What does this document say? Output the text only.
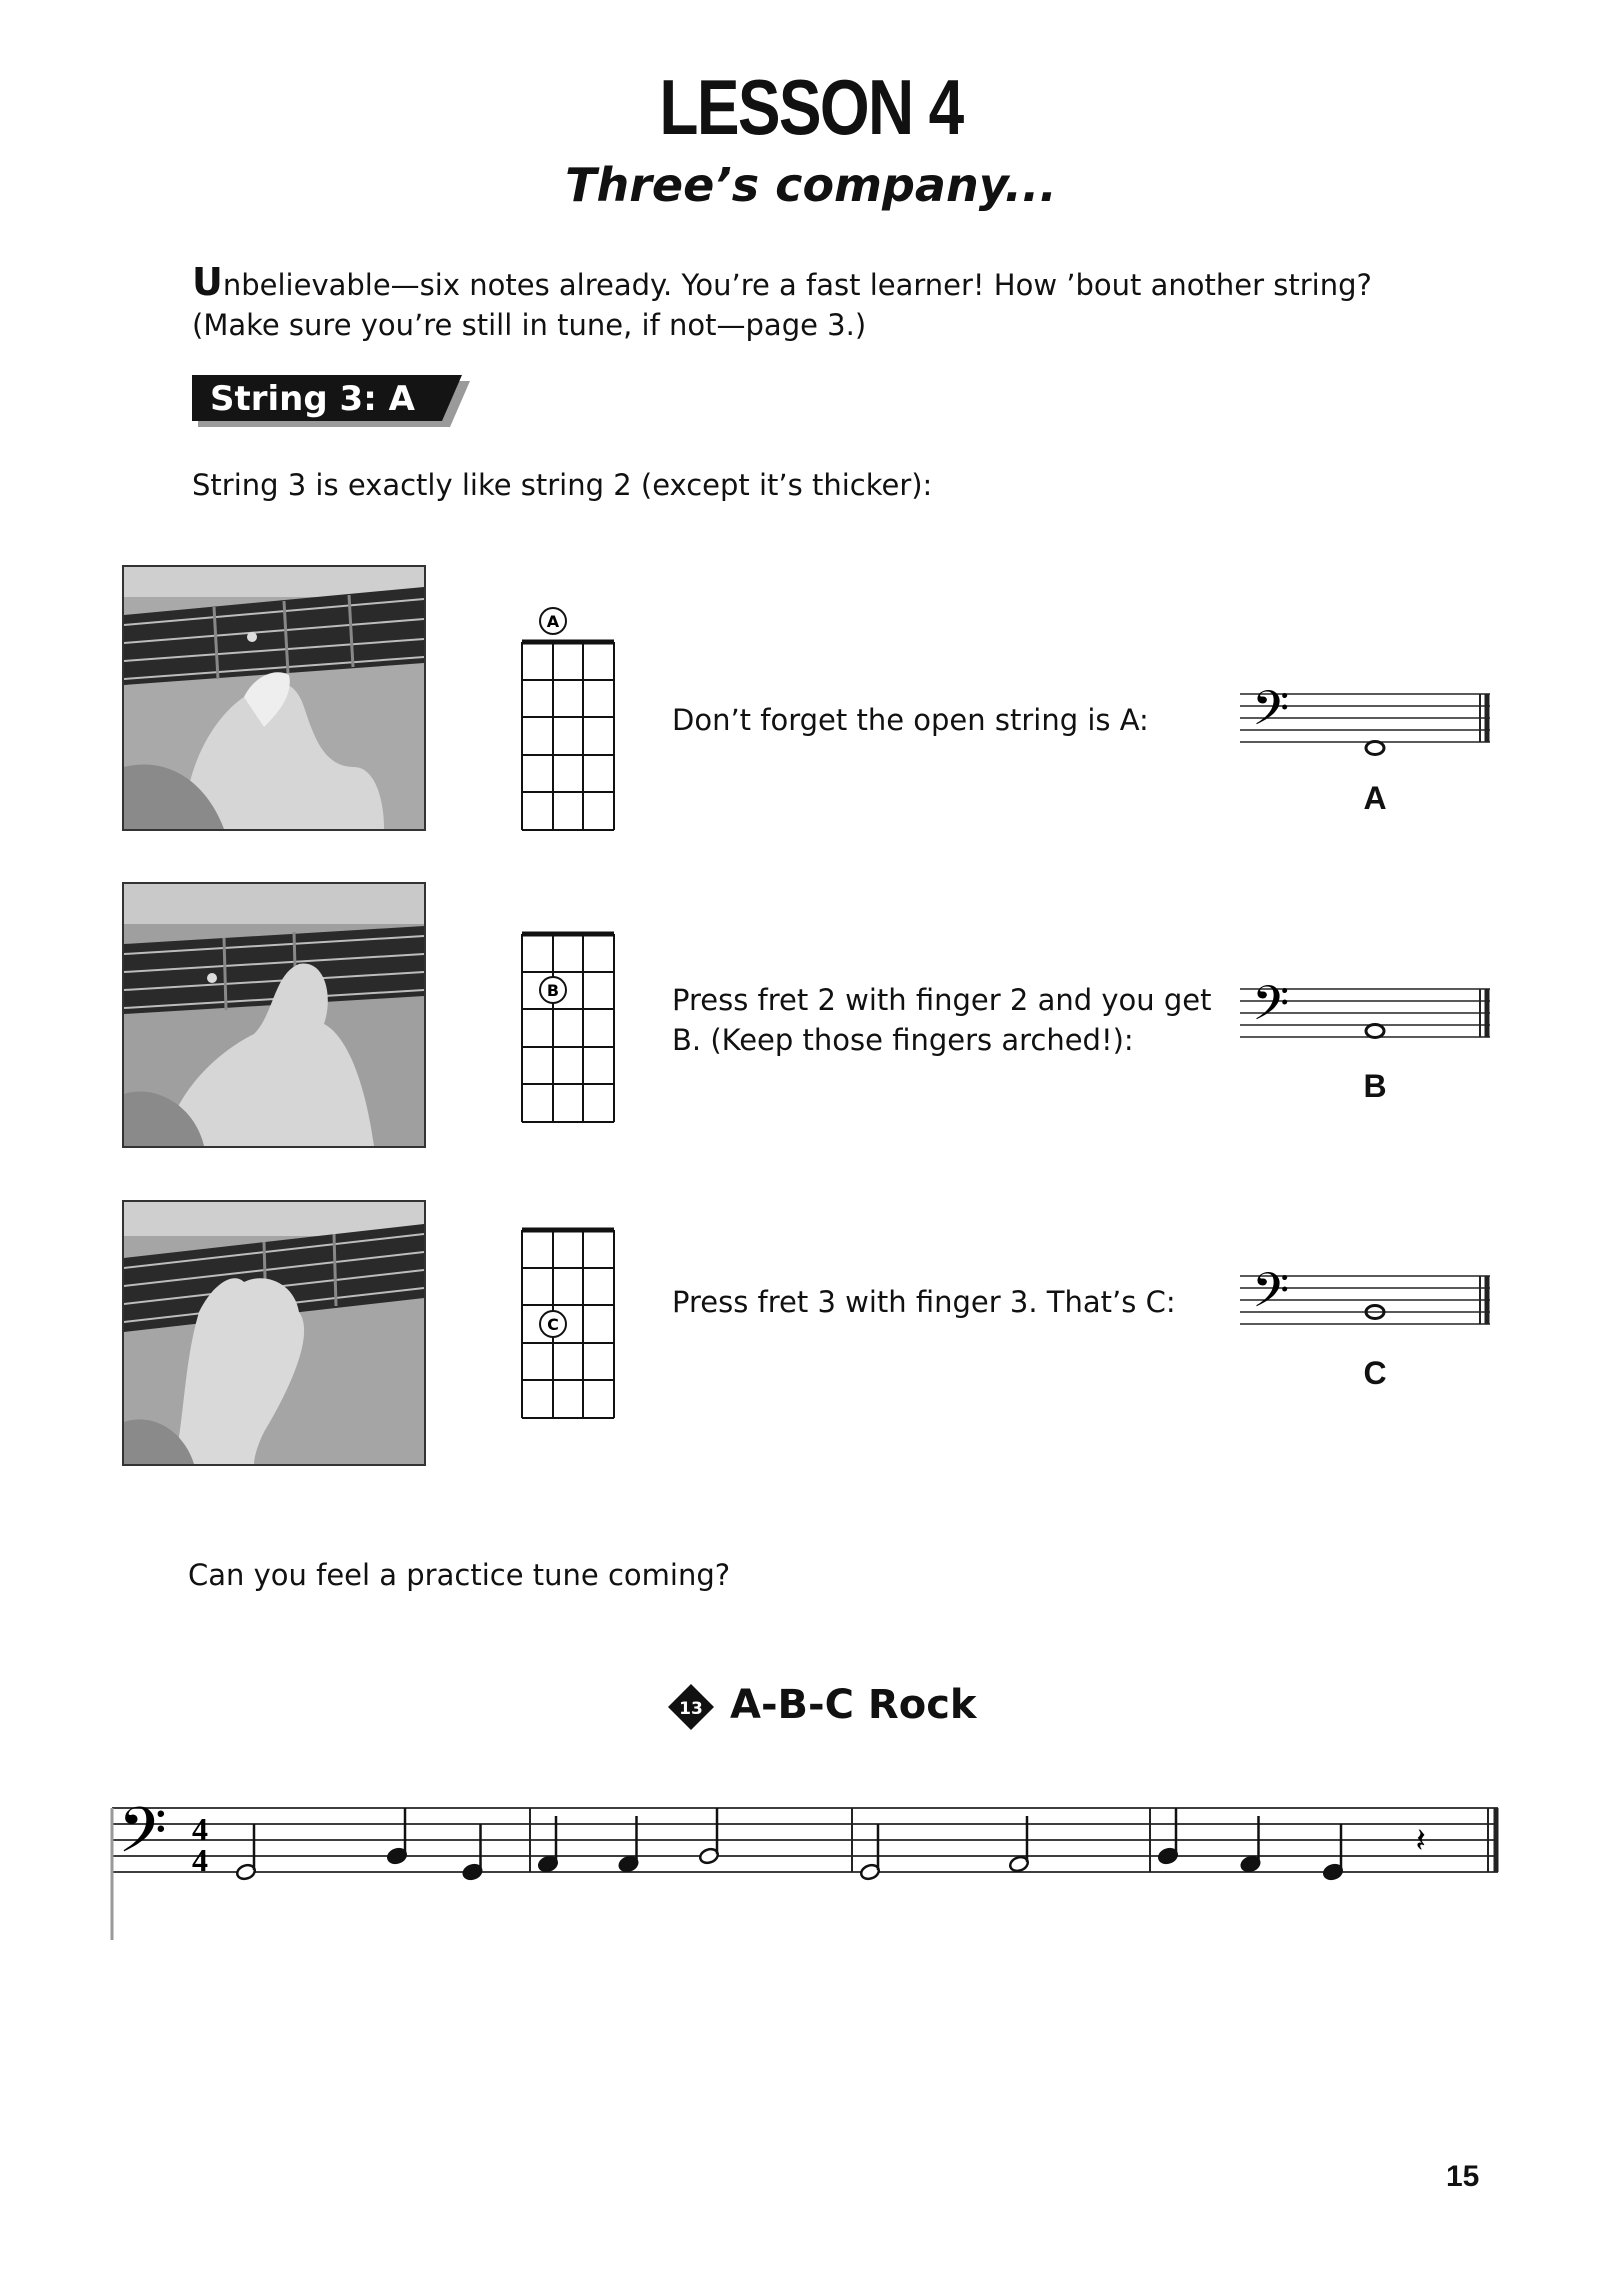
LESSON 4
Three’s company...
Unbelievable—six notes already. You’re a fast learner! How ’bout another string? (Make sure you’re still in tune, if not—page 3.)
String 3: A
String 3 is exactly like string 2 (except it’s thicker):
A
Don’t forget the open string is A:	𝄢
A
B	Press fret 2 with finger 2 and you get B. (Keep those fingers arched!):	𝄢
B
C
Press fret 3 with finger 3. That’s C:	𝄢
C
Can you feel a practice tune coming?
13 A-B-C Rock
𝄢 4
4	𝄽
15
